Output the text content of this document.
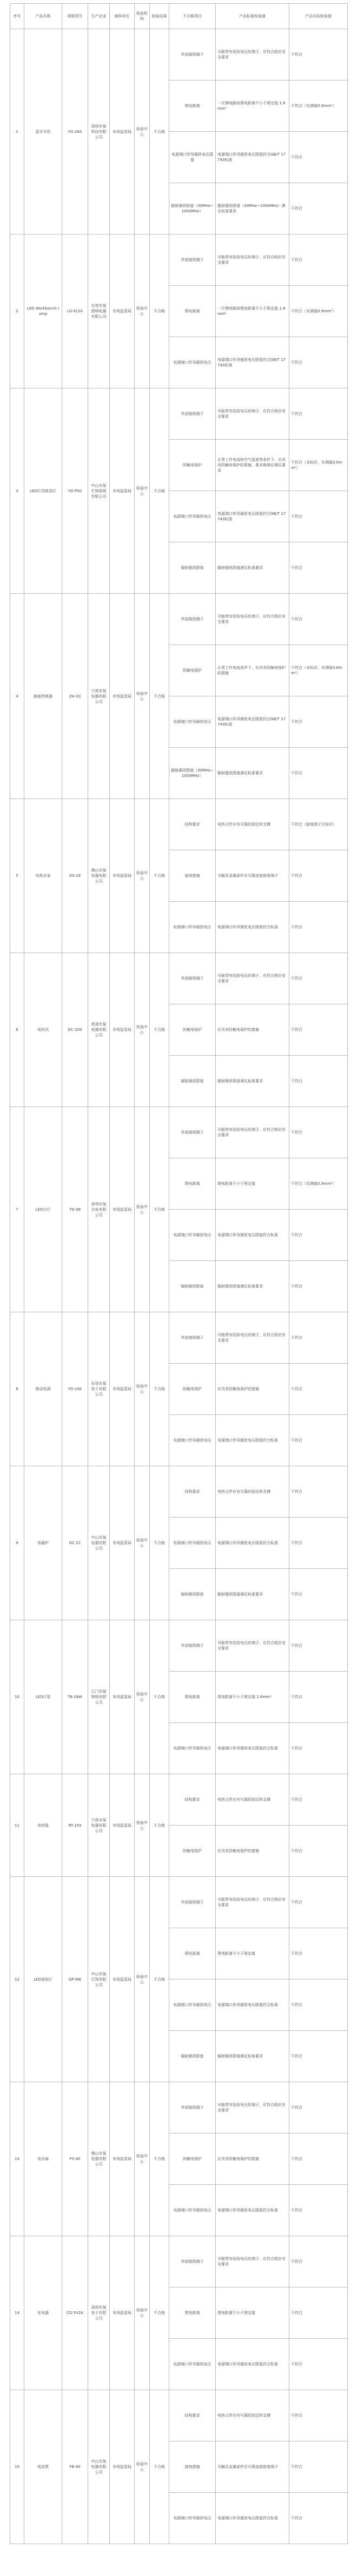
序号	产品名称	规格型号	生产企业	抽样单位	检验机构	检验结果	不合格项目	产品标准检验值	产品实际检验值
1	蓝牙耳机	YG-26A	深圳市某科技有限公司	市场监管局	检验中心	不合格	外部接线端子	可能带有危险电压的端子，应符合相应安全要求	不符合
							爬电距离	一次侧电路间爬电距离不小于规定值 1.8mm²	不符合（实测值0.9mm²）
							电源端口传导骚扰电压限值	电源端口传导骚扰电压限值符合GB/T 17743标准	不符合
							辐射骚扰限值（30MHz~1000MHz）	辐射骚扰限值（30MHz~1000MHz）满足标准要求	不符合
2	LED Workbench lamp	LG-EL50	东莞市某照明电器有限公司	市场监管局	检验中心	不合格	外部接线端子	可能带有危险电压的端子，应符合相应安全要求	不符合
							爬电距离	一次侧电路间爬电距离不小于规定值 1.8mm²	不符合（实测值0.9mm²）
							电源端口传导骚扰电压	电源端口传导骚扰电压限值符合GB/T 17743标准	不符合
3	LED灯具吸顶灯	YD-P50	中山市某灯饰照明有限公司	市场监管局	检验中心	不合格	外部接线端子	可能带有危险电压的端子，应符合相应安全要求	不符合
							防触电保护	正常工作电流和空气湿度等条件下，应具有防触电保护的措施，基本绝缘应满足要求	不符合（未标识，实测值0.6mm²）
							电源端口传导骚扰电压	电源端口传导骚扰电压限值符合GB/T 17743标准	不符合
							辐射骚扰限值	辐射骚扰限值满足标准要求	不符合
4	插座转换器	ZH-03	宁波市某电器有限公司	市场监管局	检验中心	不合格	外部接线端子	可能带有危险电压的端子，应符合相应安全要求	不符合
							防触电保护	正常工作电流条件下，应具有防触电保护的措施	不符合（未标识，实测值0.6mm²）
							电源端口传导骚扰电压	电源端口传导骚扰电压限值符合GB/T 17743标准	不符合
							辐射骚扰限值（30MHz~1000MHz）	辐射骚扰限值满足标准要求	不符合
5	电热水壶	DS-18	佛山市某电器有限公司	市场监管局	检验中心	不合格	结构要求	电热元件应有可靠的固定和支撑	不符合（接地端子无标识）
							接地措施	可触及金属部件应可靠连接接地端子	不符合
							电源端口传导骚扰电压	电源端口传导骚扰电压限值符合标准	不符合
6	电吹风	DC-200	慈溪市某电器有限公司	市场监管局	检验中心	不合格	外部接线端子	可能带有危险电压的端子，应符合相应安全要求	不符合
							防触电保护	应具有防触电保护的措施	不符合
							辐射骚扰限值	辐射骚扰限值满足标准要求	不符合
7	LED台灯	TD-08	深圳市某光电有限公司	市场监管局	检验中心	不合格	外部接线端子	可能带有危险电压的端子，应符合相应安全要求	不符合
							爬电距离	爬电距离不小于规定值	不符合（实测值0.9mm²）
							电源端口传导骚扰电压	电源端口传导骚扰电压限值符合标准	不符合
							辐射骚扰限值	辐射骚扰限值满足标准要求	不符合
8	移动电源	YD-10K	东莞市某电子有限公司	市场监管局	检验中心	不合格	外部接线端子	可能带有危险电压的端子，应符合相应安全要求	不符合
							防触电保护	应具有防触电保护的措施	不符合
							电源端口传导骚扰电压	电源端口传导骚扰电压限值符合标准	不符合
9	电磁炉	DC-21	中山市某电器有限公司	市场监管局	检验中心	不合格	结构要求	电热元件应有可靠的固定和支撑	不符合
							电源端口传导骚扰电压	电源端口传导骚扰电压限值符合标准	不符合
							辐射骚扰限值	辐射骚扰限值满足标准要求	不符合
10	LED灯管	T8-18W	江门市某照明有限公司	市场监管局	检验中心	不合格	外部接线端子	可能带有危险电压的端子，应符合相应安全要求	不符合
							爬电距离	爬电距离不小于规定值 1.8mm²	不符合
							电源端口传导骚扰电压	电源端口传导骚扰电压限值符合标准	不符合
11	电热毯	RT-150	宁波市某电器有限公司	市场监管局	检验中心	不合格	结构要求	电热元件应有可靠的固定和支撑	不符合
							防触电保护	应具有防触电保护的措施	不符合
12	LED球泡灯	QP-9W	中山市某灯饰有限公司	市场监管局	检验中心	不合格	外部接线端子	可能带有危险电压的端子，应符合相应安全要求	不符合
							爬电距离	爬电距离不小于规定值	不符合
							电源端口传导骚扰电压	电源端口传导骚扰电压限值符合标准	不符合
							辐射骚扰限值	辐射骚扰限值满足标准要求	不符合
13	电风扇	FS-40	佛山市某电器有限公司	市场监管局	检验中心	不合格	外部接线端子	可能带有危险电压的端子，应符合相应安全要求	不符合
							防触电保护	应具有防触电保护的措施	不符合
							电源端口传导骚扰电压	电源端口传导骚扰电压限值符合标准	不符合
14	充电器	CD-5V2A	深圳市某电子有限公司	市场监管局	检验中心	不合格	外部接线端子	可能带有危险电压的端子，应符合相应安全要求	不符合
							爬电距离	爬电距离不小于规定值	不符合
							电源端口传导骚扰电压	电源端口传导骚扰电压限值符合标准	不符合
15	电饭煲	FB-40	中山市某电器有限公司	市场监管局	检验中心	不合格	结构要求	电热元件应有可靠的固定和支撑	不符合
							接地措施	可触及金属部件应可靠连接接地端子	不符合
							电源端口传导骚扰电压	电源端口传导骚扰电压限值符合标准	不符合
